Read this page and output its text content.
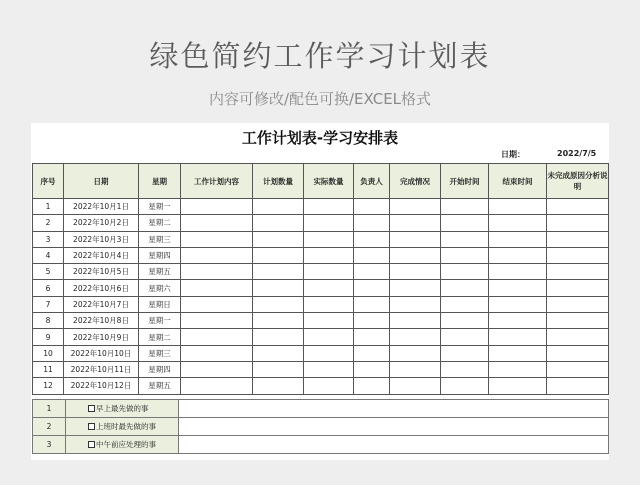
绿色简约工作学习计划表
内容可修改/配色可换/EXCEL格式
工作计划表-学习安排表
日期：	2022/7/5
序号	日期	星期	工作计划内容	计划数量	实际数量	负责人	完成情况	开始时间	结束时间	未完成原因分析说明
1	2022年10月1日	星期一								
2	2022年10月2日	星期二								
3	2022年10月3日	星期三								
4	2022年10月4日	星期四								
5	2022年10月5日	星期五								
6	2022年10月6日	星期六								
7	2022年10月7日	星期日								
8	2022年10月8日	星期一								
9	2022年10月9日	星期二								
10	2022年10月10日	星期三								
11	2022年10月11日	星期四								
12	2022年10月12日	星期五								
1	早上最先做的事	
2	上班时最先做的事	
3	中午前应处理的事	
